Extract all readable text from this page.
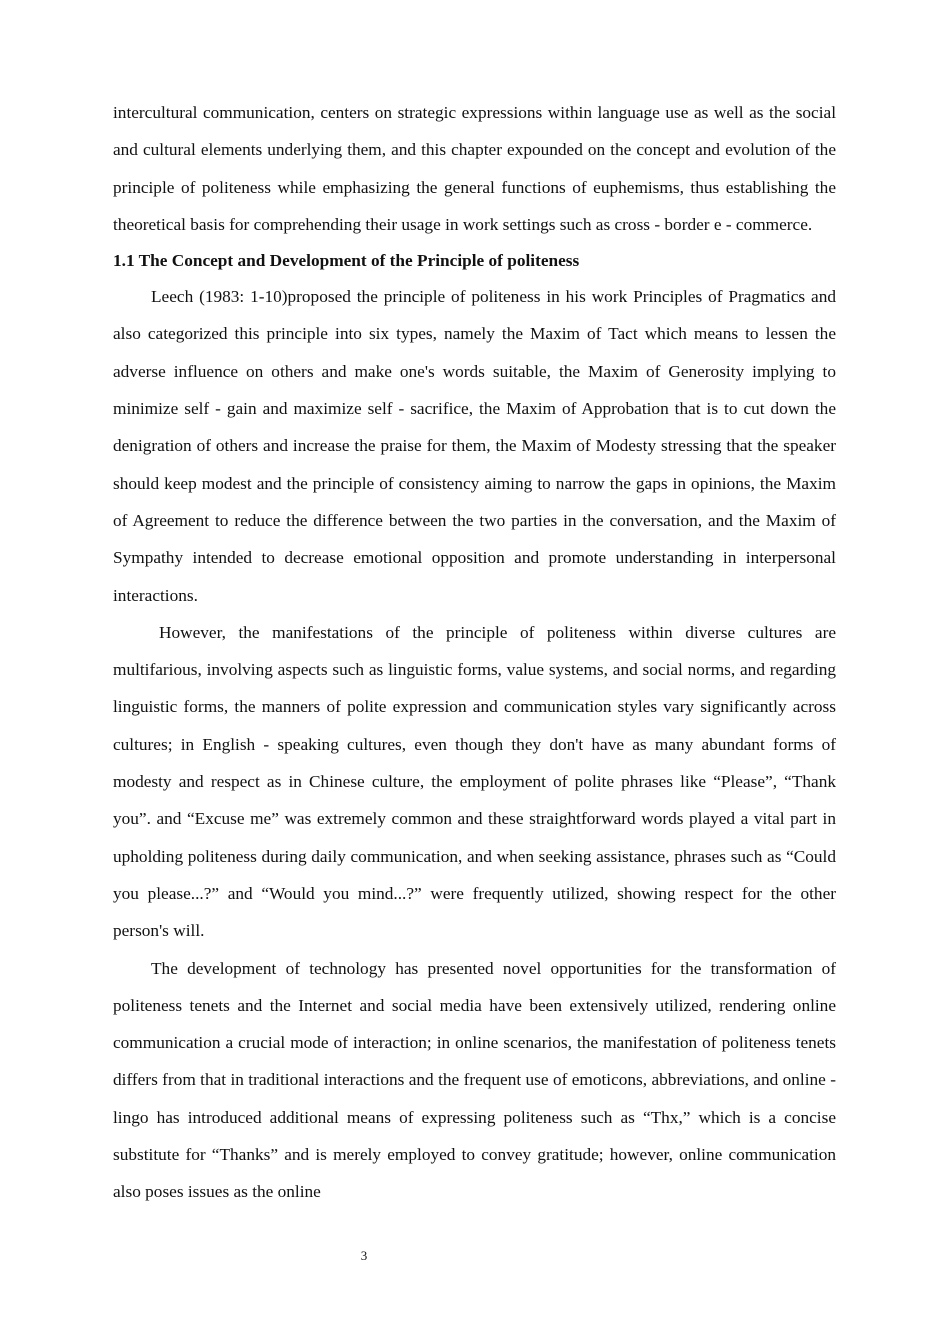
intercultural communication, centers on strategic expressions within language use as well as the social and cultural elements underlying them, and this chapter expounded on the concept and evolution of the principle of politeness while emphasizing the general functions of euphemisms, thus establishing the theoretical basis for comprehending their usage in work settings such as cross - border e - commerce.

1.1 The Concept and Development of the Principle of politeness

Leech (1983: 1-10)proposed the principle of politeness in his work Principles of Pragmatics and also categorized this principle into six types, namely the Maxim of Tact which means to lessen the adverse influence on others and make one's words suitable, the Maxim of Generosity implying to minimize self - gain and maximize self - sacrifice, the Maxim of Approbation that is to cut down the denigration of others and increase the praise for them, the Maxim of Modesty stressing that the speaker should keep modest and the principle of consistency aiming to narrow the gaps in opinions, the Maxim of Agreement to reduce the difference between the two parties in the conversation, and the Maxim of Sympathy intended to decrease emotional opposition and promote understanding in interpersonal interactions.

However, the manifestations of the principle of politeness within diverse cultures are multifarious, involving aspects such as linguistic forms, value systems, and social norms, and regarding linguistic forms, the manners of polite expression and communication styles vary significantly across cultures; in English - speaking cultures, even though they don't have as many abundant forms of modesty and respect as in Chinese culture, the employment of polite phrases like “Please”, “Thank you”. and “Excuse me” was extremely common and these straightforward words played a vital part in upholding politeness during daily communication, and when seeking assistance, phrases such as “Could you please...?” and “Would you mind...?” were frequently utilized, showing respect for the other person's will.

The development of technology has presented novel opportunities for the transformation of politeness tenets and the Internet and social media have been extensively utilized, rendering online communication a crucial mode of interaction; in online scenarios, the manifestation of politeness tenets differs from that in traditional interactions and the frequent use of emoticons, abbreviations, and online - lingo has introduced additional means of expressing politeness such as “Thx,” which is a concise substitute for “Thanks” and is merely employed to convey gratitude; however, online communication also poses issues as the online

3
